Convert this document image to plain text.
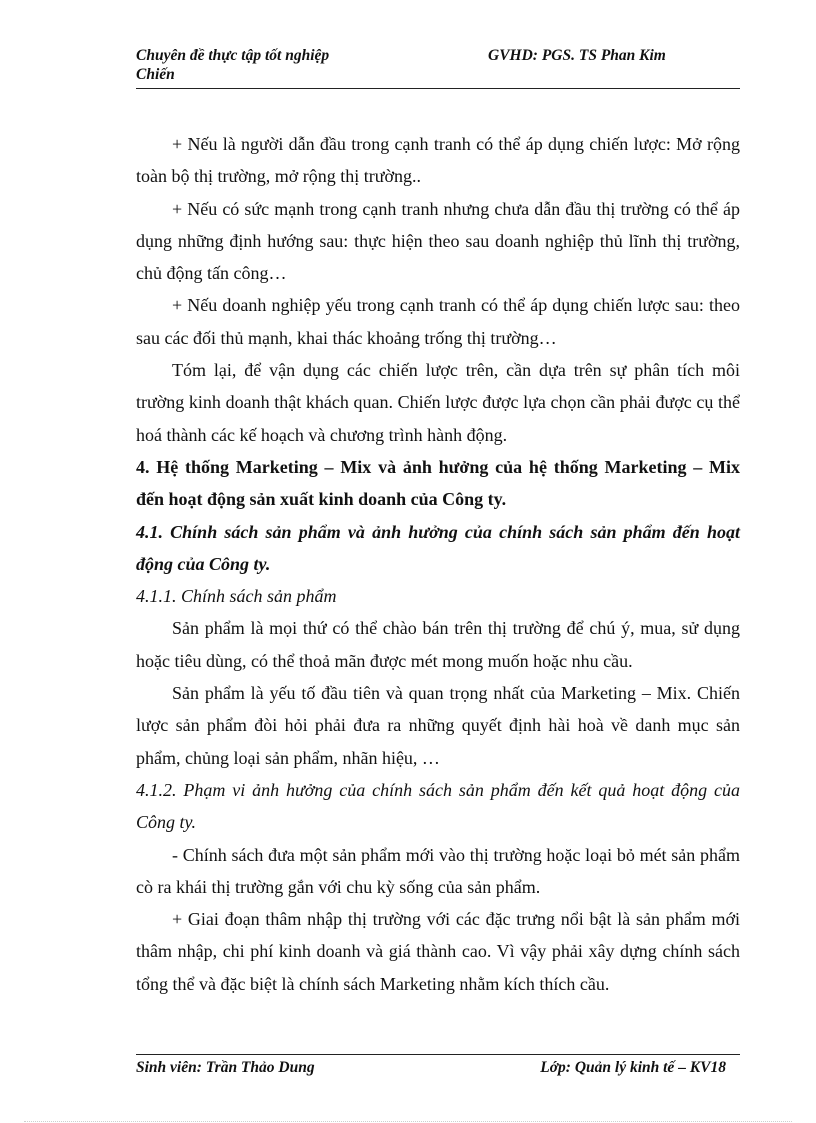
Chuyên đề thực tập tốt nghiệp
Chiến
GVHD: PGS. TS Phan Kim

+ Nếu là người dẫn đầu trong cạnh tranh có thể áp dụng chiến lược: Mở rộng toàn bộ thị trường, mở rộng thị trường..

+ Nếu có sức mạnh trong cạnh tranh nhưng chưa dẫn đầu thị trường có thể áp dụng những định hướng sau: thực hiện theo sau doanh nghiệp thủ lĩnh thị trường, chủ động tấn công…

+ Nếu doanh nghiệp yếu trong cạnh tranh có thể áp dụng chiến lược sau: theo sau các đối thủ mạnh, khai thác khoảng trống thị trường…

Tóm lại, để vận dụng các chiến lược trên, cần dựa trên sự phân tích môi trường kinh doanh thật khách quan. Chiến lược được lựa chọn cần phải được cụ thể hoá thành các kế hoạch và chương trình hành động.

4. Hệ thống Marketing – Mix và ảnh hưởng của hệ thống Marketing – Mix đến hoạt động sản xuất kinh doanh của Công ty.

4.1. Chính sách sản phẩm và ảnh hưởng của chính sách sản phẩm đến hoạt động của Công ty.

4.1.1. Chính sách sản phẩm

Sản phẩm là mọi thứ có thể chào bán trên thị trường để chú ý, mua, sử dụng hoặc tiêu dùng, có thể thoả mãn được mét mong muốn hoặc nhu cầu.

Sản phẩm là yếu tố đầu tiên và quan trọng nhất của Marketing – Mix. Chiến lược sản phẩm đòi hỏi phải đưa ra những quyết định hài hoà về danh mục sản phẩm, chủng loại sản phẩm, nhãn hiệu, …

4.1.2. Phạm vi ảnh hưởng của chính sách sản phẩm đến kết quả hoạt động của Công ty.

- Chính sách đưa một sản phẩm mới vào thị trường hoặc loại bỏ mét sản phẩm cò ra khái thị trường gắn với chu kỳ sống của sản phẩm.

+ Giai đoạn thâm nhập thị trường với các đặc trưng nổi bật là sản phẩm mới thâm nhập, chi phí kinh doanh và giá thành cao. Vì vậy phải xây dựng chính sách tổng thể và đặc biệt là chính sách Marketing nhằm kích thích cầu.

Sinh viên: Trần Thảo Dung	Lớp: Quản lý kinh tế – KV18
